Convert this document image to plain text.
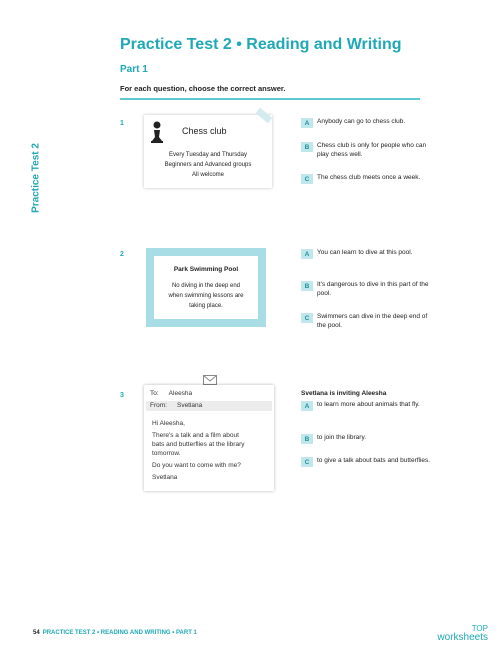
Practice Test 2 • Reading and Writing
Part 1
For each question, choose the correct answer.
Practice Test 2
1
Chess club
Every Tuesday and Thursday
Beginners and Advanced groups
All welcome
A	Anybody can go to chess club.
B	Chess club is only for people who can play chess well.
C	The chess club meets once a week.
2
Park Swimming Pool
No diving in the deep end
when swimming lessons are
taking place.
A	You can learn to dive at this pool.
B	It's dangerous to dive in this part of the pool.
C	Swimmers can dive in the deep end of the pool.
3	To: Aleesha
From: Svetlana
Hi Aleesha,
There's a talk and a film about
bats and butterflies at the library
tomorrow.
Do you want to come with me?
Svetlana
Svetlana is inviting Aleesha
A	to learn more about animals that fly.
B	to join the library.
C	to give a talk about bats and butterflies.
54 PRACTICE TEST 2 • READING AND WRITING • PART 1	TOP
worksheets
